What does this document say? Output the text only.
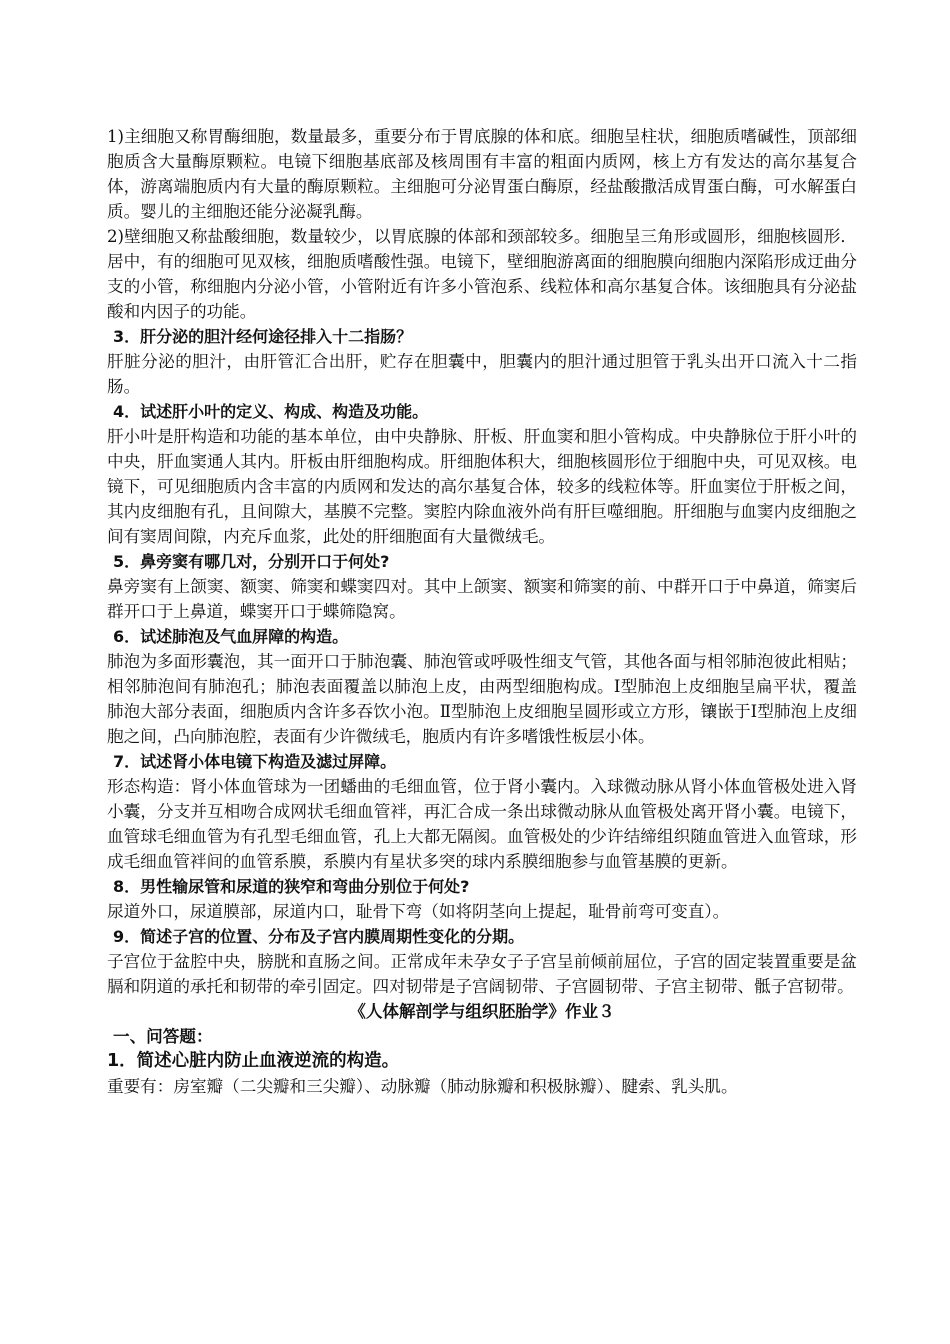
1)主细胞又称胃酶细胞，数量最多，重要分布于胃底腺的体和底。细胞呈柱状，细胞质嗜碱性，顶部细胞质含大量酶原颗粒。电镜下细胞基底部及核周围有丰富的粗面内质网，核上方有发达的高尔基复合体，游离端胞质内有大量的酶原颗粒。主细胞可分泌胃蛋白酶原，经盐酸撒活成胃蛋白酶，可水解蛋白质。婴儿的主细胞还能分泌凝乳酶。

2)壁细胞又称盐酸细胞，数量较少，以胃底腺的体部和颈部较多。细胞呈三角形或圆形，细胞核圆形．居中，有的细胞可见双核，细胞质嗜酸性强。电镜下，壁细胞游离面的细胞膜向细胞内深陷形成迂曲分支的小管，称细胞内分泌小管，小管附近有许多小管泡系、线粒体和高尔基复合体。该细胞具有分泌盐酸和内因子的功能。

3．肝分泌的胆汁经何途径排入十二指肠？

肝脏分泌的胆汁，由肝管汇合出肝，贮存在胆囊中，胆囊内的胆汁通过胆管于乳头出开口流入十二指肠。

4．试述肝小叶的定义、构成、构造及功能。

肝小叶是肝构造和功能的基本单位，由中央静脉、肝板、肝血窦和胆小管构成。中央静脉位于肝小叶的中央，肝血窦通人其内。肝板由肝细胞构成。肝细胞体积大，细胞核圆形位于细胞中央，可见双核。电镜下，可见细胞质内含丰富的内质网和发达的高尔基复合体，较多的线粒体等。肝血窦位于肝板之间，其内皮细胞有孔，且间隙大，基膜不完整。窦腔内除血液外尚有肝巨噬细胞。肝细胞与血窦内皮细胞之间有窦周间隙，内充斥血浆，此处的肝细胞面有大量微绒毛。

5．鼻旁窦有哪几对，分别开口于何处?

鼻旁窦有上颌窦、额窦、筛窦和蝶窦四对。其中上颌窦、额窦和筛窦的前、中群开口于中鼻道，筛窦后群开口于上鼻道，蝶窦开口于蝶筛隐窝。

6．试述肺泡及气血屏障的构造。

肺泡为多面形囊泡，其一面开口于肺泡囊、肺泡管或呼吸性细支气管，其他各面与相邻肺泡彼此相贴；相邻肺泡间有肺泡孔；肺泡表面覆盖以肺泡上皮，由两型细胞构成。Ⅰ型肺泡上皮细胞呈扁平状，覆盖肺泡大部分表面，细胞质内含许多吞饮小泡。Ⅱ型肺泡上皮细胞呈圆形或立方形，镶嵌于Ⅰ型肺泡上皮细胞之间，凸向肺泡腔，表面有少许微绒毛，胞质内有许多嗜饿性板层小体。

7．试述肾小体电镜下构造及滤过屏障。

形态构造：肾小体血管球为一团蟠曲的毛细血管，位于肾小囊内。入球微动脉从肾小体血管极处进入肾小囊，分支并互相吻合成网状毛细血管袢，再汇合成一条出球微动脉从血管极处离开肾小囊。电镜下，血管球毛细血管为有孔型毛细血管，孔上大都无隔阂。血管极处的少许结缔组织随血管进入血管球，形成毛细血管袢间的血管系膜，系膜内有星状多突的球内系膜细胞参与血管基膜的更新。

8．男性输尿管和尿道的狭窄和弯曲分别位于何处?

尿道外口，尿道膜部，尿道内口，耻骨下弯（如将阴茎向上提起，耻骨前弯可变直）。

9．简述子宫的位置、分布及子宫内膜周期性变化的分期。

子宫位于盆腔中央，膀胱和直肠之间。正常成年未孕女子子宫呈前倾前屈位，子宫的固定装置重要是盆膈和阴道的承托和韧带的牵引固定。四对韧带是子宫阔韧带、子宫圆韧带、子宫主韧带、骶子宫韧带。

《人体解剖学与组织胚胎学》作业３

一、问答题：

1．简述心脏内防止血液逆流的构造。

重要有：房室瓣（二尖瓣和三尖瓣）、动脉瓣（肺动脉瓣和积极脉瓣）、腱索、乳头肌。
